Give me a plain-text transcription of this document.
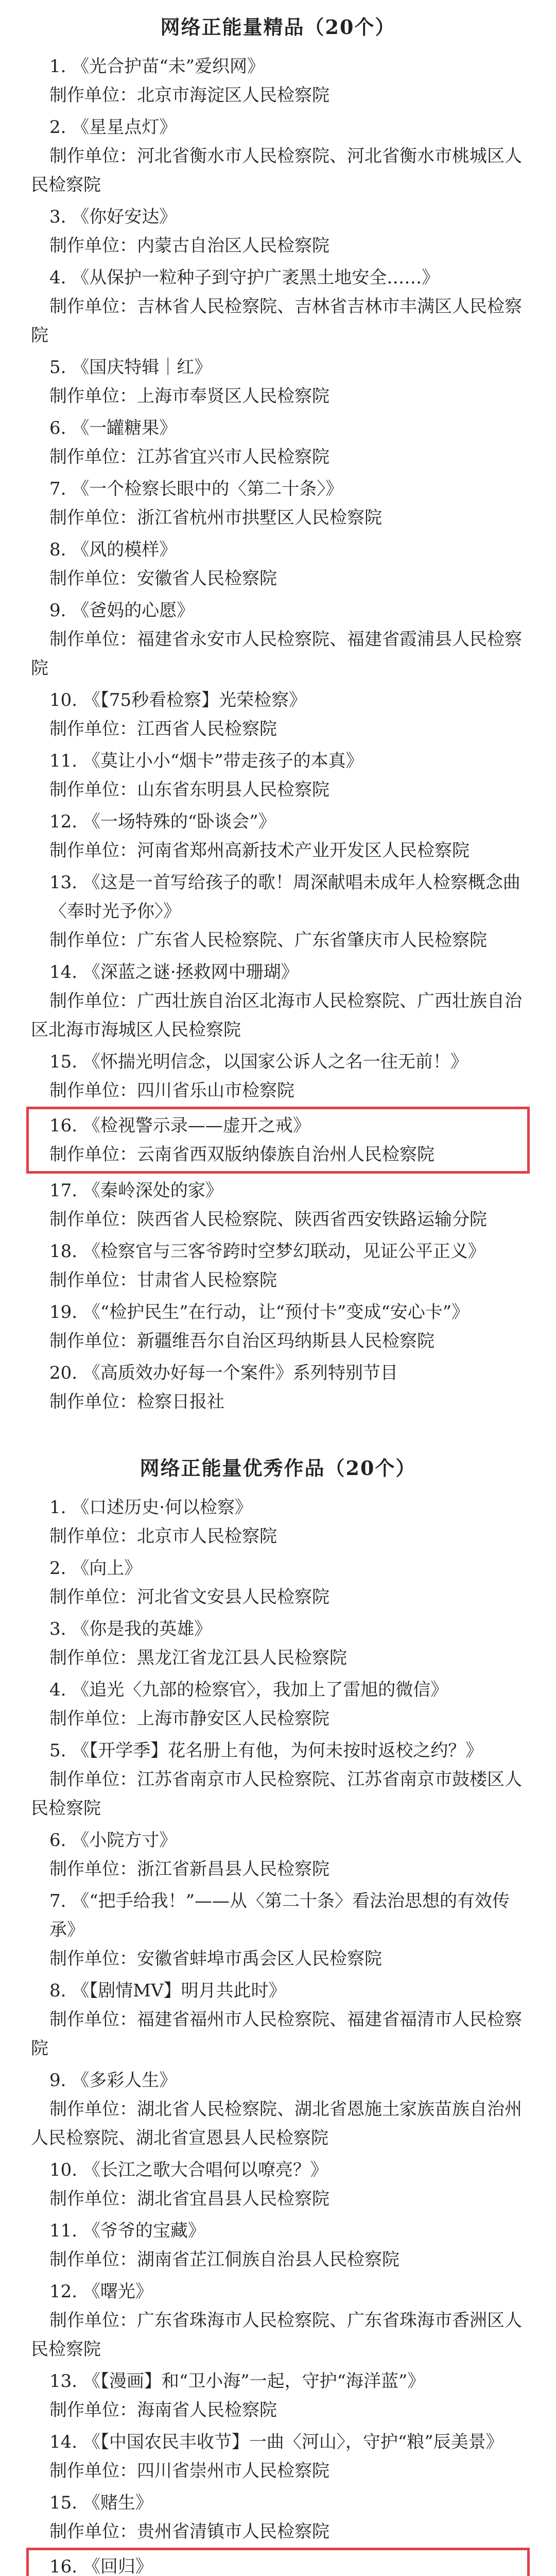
网络正能量精品（20个）

1. 《光合护苗“未”爱织网》

制作单位：北京市海淀区人民检察院

2. 《星星点灯》

制作单位：河北省衡水市人民检察院、河北省衡水市桃城区人民检察院

3. 《你好安达》

制作单位：内蒙古自治区人民检察院

4. 《从保护一粒种子到守护广袤黑土地安全……》

制作单位：吉林省人民检察院、吉林省吉林市丰满区人民检察院

5. 《国庆特辑｜红》

制作单位：上海市奉贤区人民检察院

6. 《一罐糖果》

制作单位：江苏省宜兴市人民检察院

7. 《一个检察长眼中的〈第二十条〉》

制作单位：浙江省杭州市拱墅区人民检察院

8. 《风的模样》

制作单位：安徽省人民检察院

9. 《爸妈的心愿》

制作单位：福建省永安市人民检察院、福建省霞浦县人民检察院

10. 《【75秒看检察】光荣检察》

制作单位：江西省人民检察院

11. 《莫让小小“烟卡”带走孩子的本真》

制作单位：山东省东明县人民检察院

12. 《一场特殊的“卧谈会”》

制作单位：河南省郑州高新技术产业开发区人民检察院

13. 《这是一首写给孩子的歌！周深献唱未成年人检察概念曲〈奉时光予你〉》

制作单位：广东省人民检察院、广东省肇庆市人民检察院

14. 《深蓝之谜·拯救网中珊瑚》

制作单位：广西壮族自治区北海市人民检察院、广西壮族自治区北海市海城区人民检察院

15. 《怀揣光明信念，以国家公诉人之名一往无前！》

制作单位：四川省乐山市检察院

16. 《检视警示录——虚开之戒》

制作单位：云南省西双版纳傣族自治州人民检察院

17. 《秦岭深处的家》

制作单位：陕西省人民检察院、陕西省西安铁路运输分院

18. 《检察官与三客爷跨时空梦幻联动，见证公平正义》

制作单位：甘肃省人民检察院

19. 《“检护民生”在行动，让“预付卡”变成“安心卡”》

制作单位：新疆维吾尔自治区玛纳斯县人民检察院

20. 《高质效办好每一个案件》系列特别节目

制作单位：检察日报社

网络正能量优秀作品（20个）

1. 《口述历史·何以检察》

制作单位：北京市人民检察院

2. 《向上》

制作单位：河北省文安县人民检察院

3. 《你是我的英雄》

制作单位：黑龙江省龙江县人民检察院

4. 《追光〈九部的检察官〉，我加上了雷旭的微信》

制作单位：上海市静安区人民检察院

5. 《【开学季】花名册上有他，为何未按时返校之约？》

制作单位：江苏省南京市人民检察院、江苏省南京市鼓楼区人民检察院

6. 《小院方寸》

制作单位：浙江省新昌县人民检察院

7. 《“把手给我！”——从〈第二十条〉看法治思想的有效传承》

制作单位：安徽省蚌埠市禹会区人民检察院

8. 《【剧情MV】明月共此时》

制作单位：福建省福州市人民检察院、福建省福清市人民检察院

9. 《多彩人生》

制作单位：湖北省人民检察院、湖北省恩施土家族苗族自治州人民检察院、湖北省宣恩县人民检察院

10. 《长江之歌大合唱何以嘹亮？》

制作单位：湖北省宜昌县人民检察院

11. 《爷爷的宝藏》

制作单位：湖南省芷江侗族自治县人民检察院

12. 《曙光》

制作单位：广东省珠海市人民检察院、广东省珠海市香洲区人民检察院

13. 《【漫画】和“卫小海”一起，守护“海洋蓝”》

制作单位：海南省人民检察院

14. 《【中国农民丰收节】一曲〈河山〉，守护“粮”辰美景》

制作单位：四川省崇州市人民检察院

15. 《赌生》

制作单位：贵州省清镇市人民检察院

16. 《回归》
